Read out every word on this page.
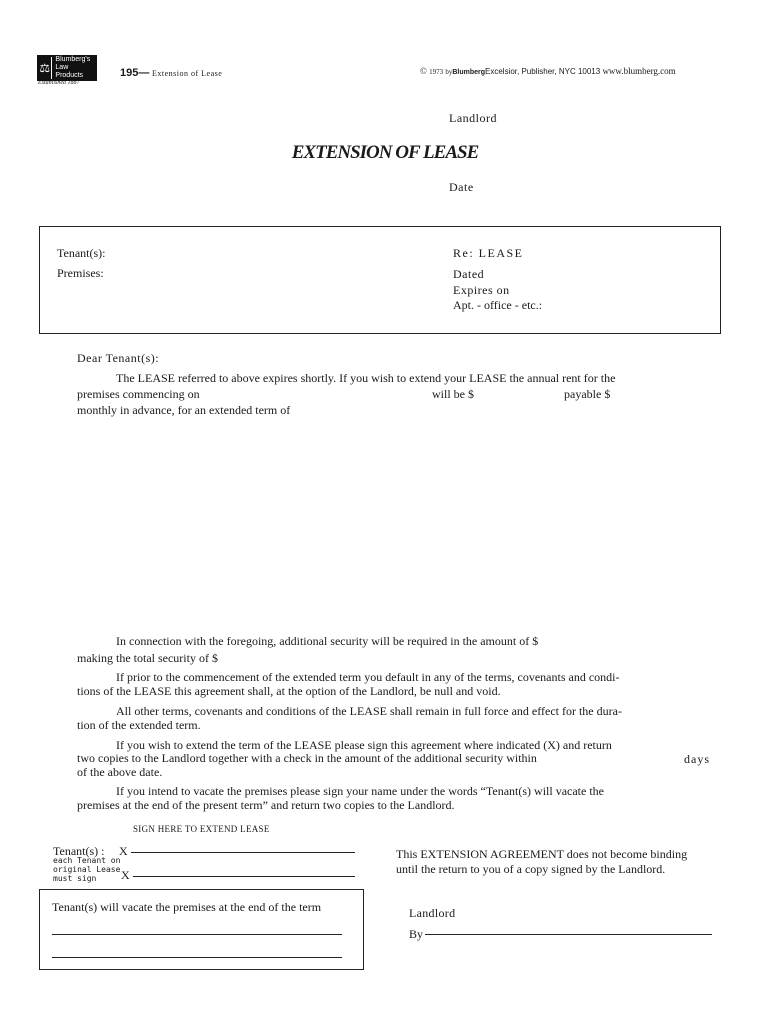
⚖
Blumberg's
Law Products
Established 1887
195— Extension of Lease	© 1973 byBlumbergExcelsior, Publisher, NYC 10013 www.blumberg.com
Landlord
EXTENSION OF LEASE
Date
Tenant(s):
Premises:
Re: LEASE
Dated
Expires on
Apt. - office - etc.:
Dear Tenant(s):
The LEASE referred to above expires shortly. If you wish to extend your LEASE the annual rent for the
premises commencing on	will be $	payable $
monthly in advance, for an extended term of
In connection with the foregoing, additional security will be required in the amount of $
making the total security of $
If prior to the commencement of the extended term you default in any of the terms, covenants and condi-
tions of the LEASE this agreement shall, at the option of the Landlord, be null and void.
All other terms, covenants and conditions of the LEASE shall remain in full force and effect for the dura-
tion of the extended term.
If you wish to extend the term of the LEASE please sign this agreement where indicated (X) and return
two copies to the Landlord together with a check in the amount of the additional security within	days
of the above date.
If you intend to vacate the premises please sign your name under the words “Tenant(s) will vacate the
premises at the end of the present term” and return two copies to the Landlord.
SIGN HERE TO EXTEND LEASE
Tenant(s) : X
each Tenant on
original Lease
must sign	X
This EXTENSION AGREEMENT does not become binding
until the return to you of a copy signed by the Landlord.
Tenant(s) will vacate the premises at the end of the term	Landlord
By
